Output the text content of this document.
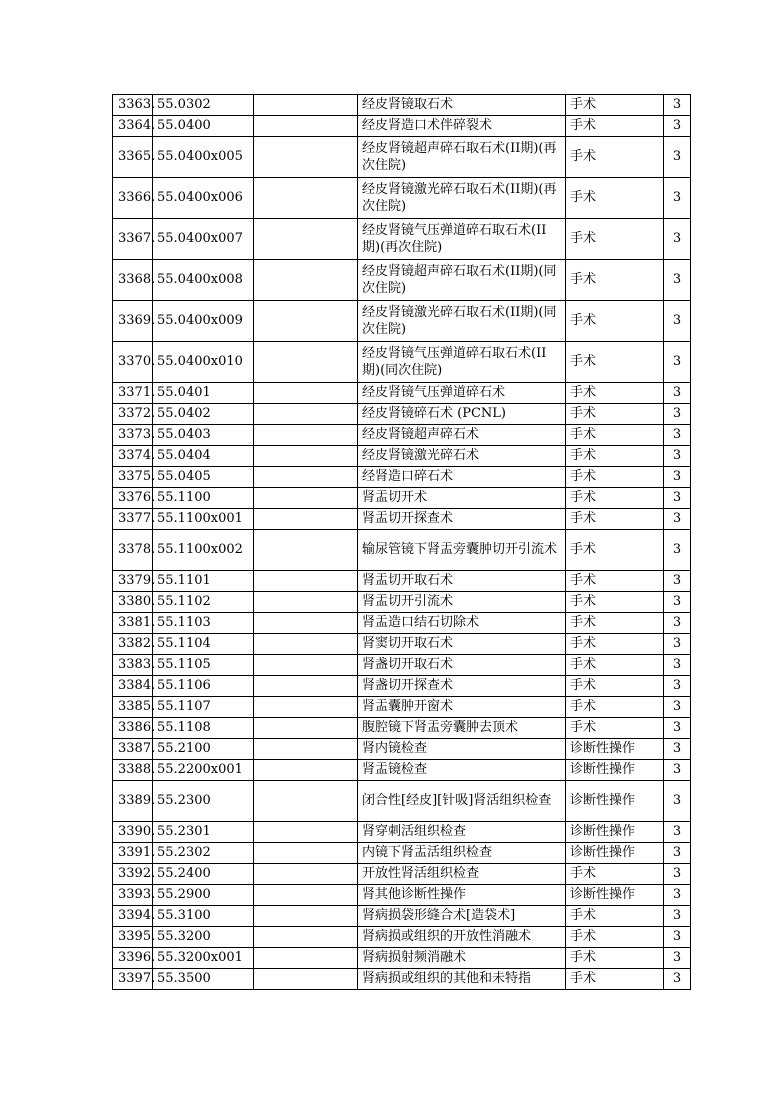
3363.	55.0302		经皮肾镜取石术	手术	3
3364.	55.0400		经皮肾造口术伴碎裂术	手术	3
3365.	55.0400x005		经皮肾镜超声碎石取石术(II期)(再次住院)	手术	3
3366.	55.0400x006		经皮肾镜激光碎石取石术(II期)(再次住院)	手术	3
3367.	55.0400x007		经皮肾镜气压弹道碎石取石术(II期)(再次住院)	手术	3
3368.	55.0400x008		经皮肾镜超声碎石取石术(II期)(同次住院)	手术	3
3369.	55.0400x009		经皮肾镜激光碎石取石术(II期)(同次住院)	手术	3
3370.	55.0400x010		经皮肾镜气压弹道碎石取石术(II期)(同次住院)	手术	3
3371.	55.0401		经皮肾镜气压弹道碎石术	手术	3
3372.	55.0402		经皮肾镜碎石术 (PCNL)	手术	3
3373.	55.0403		经皮肾镜超声碎石术	手术	3
3374.	55.0404		经皮肾镜激光碎石术	手术	3
3375.	55.0405		经肾造口碎石术	手术	3
3376.	55.1100		肾盂切开术	手术	3
3377.	55.1100x001		肾盂切开探查术	手术	3
3378.	55.1100x002		输尿管镜下肾盂旁囊肿切开引流术	手术	3
3379.	55.1101		肾盂切开取石术	手术	3
3380.	55.1102		肾盂切开引流术	手术	3
3381.	55.1103		肾盂造口结石切除术	手术	3
3382.	55.1104		肾窦切开取石术	手术	3
3383.	55.1105		肾盏切开取石术	手术	3
3384.	55.1106		肾盏切开探查术	手术	3
3385.	55.1107		肾盂囊肿开窗术	手术	3
3386.	55.1108		腹腔镜下肾盂旁囊肿去顶术	手术	3
3387.	55.2100		肾内镜检查	诊断性操作	3
3388.	55.2200x001		肾盂镜检查	诊断性操作	3
3389.	55.2300		闭合性[经皮][针吸]肾活组织检查	诊断性操作	3
3390.	55.2301		肾穿刺活组织检查	诊断性操作	3
3391.	55.2302		内镜下肾盂活组织检查	诊断性操作	3
3392.	55.2400		开放性肾活组织检查	手术	3
3393.	55.2900		肾其他诊断性操作	诊断性操作	3
3394.	55.3100		肾病损袋形缝合术[造袋术]	手术	3
3395.	55.3200		肾病损或组织的开放性消融术	手术	3
3396.	55.3200x001		肾病损射频消融术	手术	3
3397.	55.3500		肾病损或组织的其他和未特指	手术	3
